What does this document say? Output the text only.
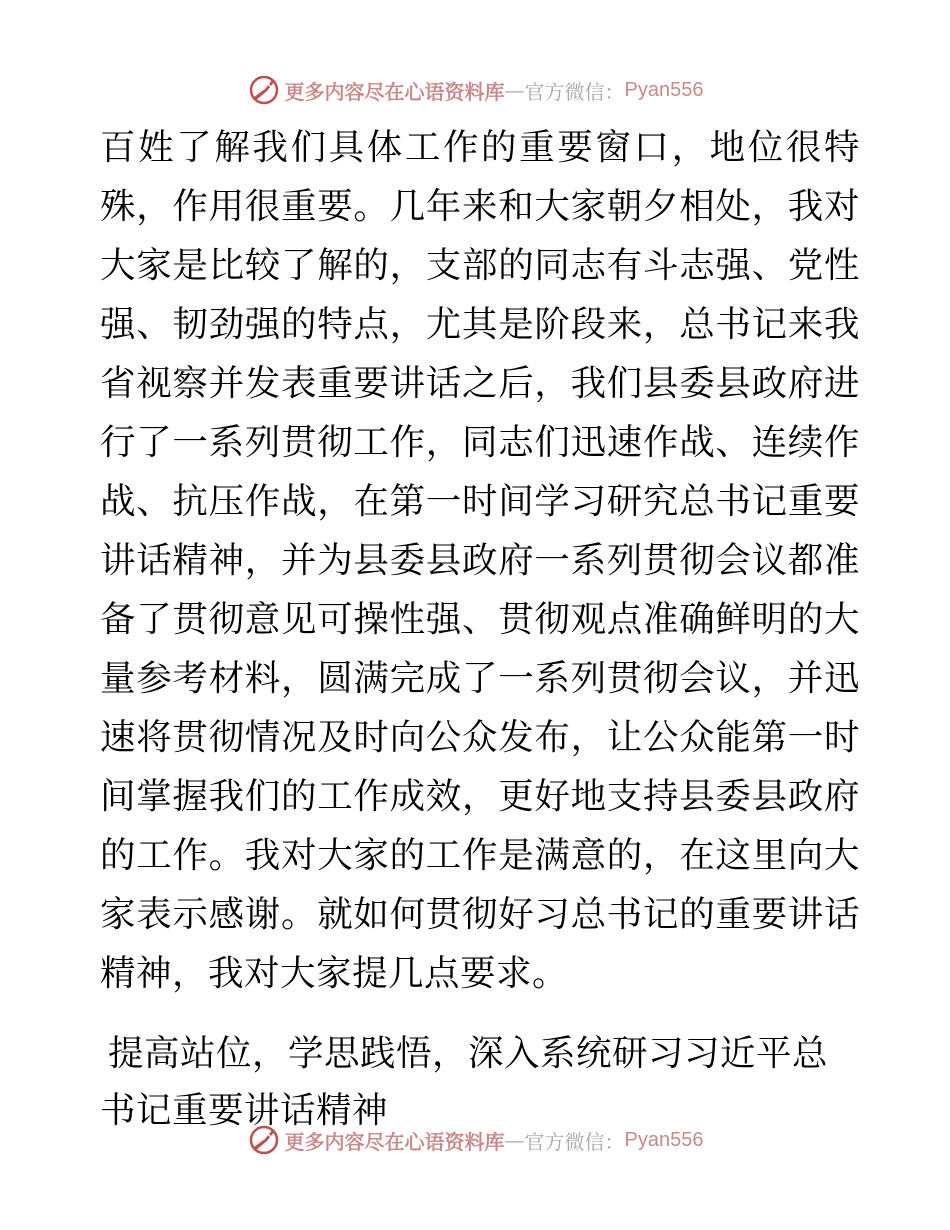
更多内容尽在心语资料库 — 官方微信： Pyan556

百姓了解我们具体工作的重要窗口，地位很特殊，作用很重要。几年来和大家朝夕相处，我对大家是比较了解的，支部的同志有斗志强、党性强、韧劲强的特点，尤其是阶段来，总书记来我省视察并发表重要讲话之后，我们县委县政府进行了一系列贯彻工作，同志们迅速作战、连续作战、抗压作战，在第一时间学习研究总书记重要讲话精神，并为县委县政府一系列贯彻会议都准备了贯彻意见可操性强、贯彻观点准确鲜明的大量参考材料，圆满完成了一系列贯彻会议，并迅速将贯彻情况及时向公众发布，让公众能第一时间掌握我们的工作成效，更好地支持县委县政府的工作。我对大家的工作是满意的，在这里向大家表示感谢。就如何贯彻好习总书记的重要讲话精神，我对大家提几点要求。

提高站位，学思践悟，深入系统研习习近平总书记重要讲话精神

更多内容尽在心语资料库 — 官方微信： Pyan556
